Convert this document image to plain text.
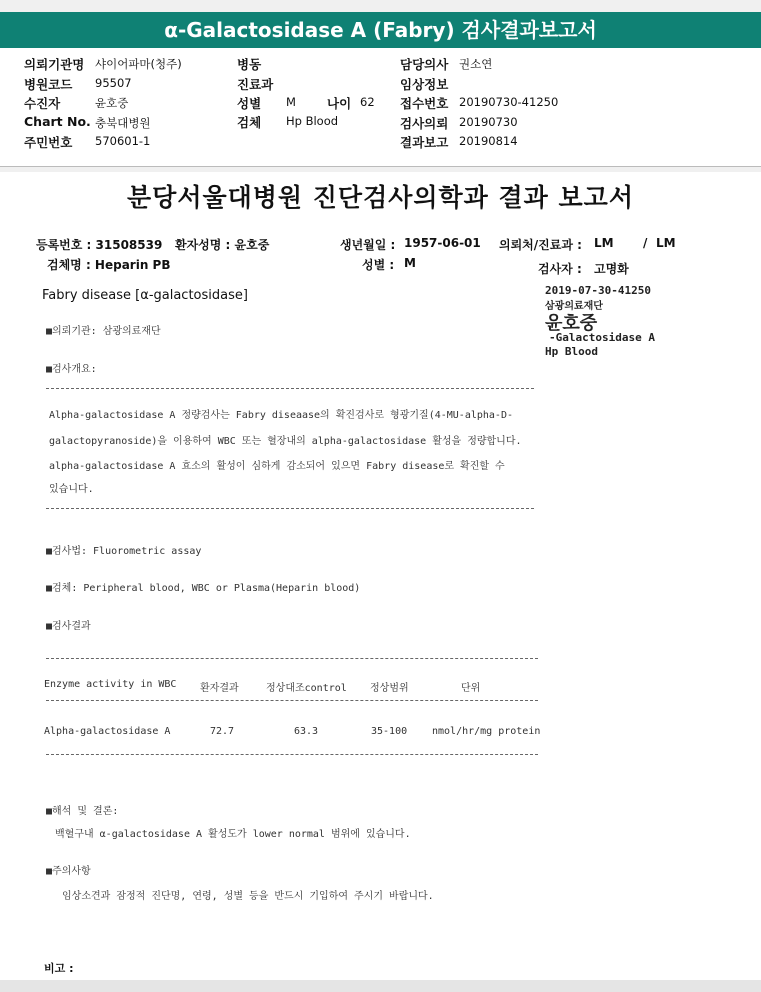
α-Galactosidase A (Fabry) 검사결과보고서
의뢰기관명 샤이어파마(청주)
병원코드 95507
수진자	윤호중
Chart No. 충북대병원
주민번호 570601-1
병동
진료과
성별 M 나이 62
검체 Hp Blood
담당의사 권소연
임상정보
접수번호 20190730-41250
검사의뢰 20190730
결과보고 20190814
분당서울대병원 진단검사의학과 결과 보고서
등록번호 : 31508539 환자성명 : 윤호중	생년월일 : 1957-06-01 의뢰처/진료과 : LM / LM
검체명 : Heparin PB	성별 : M	검사자 : 고명화
Fabry disease [α-galactosidase]	2019-07-30-41250
삼광의료재단
윤호중
-Galactosidase A
Hp Blood
■의뢰기관: 삼광의료재단
■검사개요:
Alpha-galactosidase A 정량검사는 Fabry diseaase의 확진검사로 형광기질(4-MU-alpha-D-
galactopyranoside)을 이용하여 WBC 또는 혈장내의 alpha-galactosidase 활성을 정량합니다.
alpha-galactosidase A 효소의 활성이 심하게 감소되어 있으면 Fabry disease로 확진할 수
있습니다.
■검사법: Fluorometric assay
■검체: Peripheral blood, WBC or Plasma(Heparin blood)
■검사결과
Enzyme activity in WBC 환자결과	정상대조control 정상범위	단위
Alpha-galactosidase A	72.7	63.3	35-100 nmol/hr/mg protein
■해석 및 결론:
백혈구내 α-galactosidase A 활성도가 lower normal 범위에 있습니다.
■주의사항
임상소견과 잠정적 진단명, 연령, 성별 등을 반드시 기입하여 주시기 바랍니다.
비고 :
